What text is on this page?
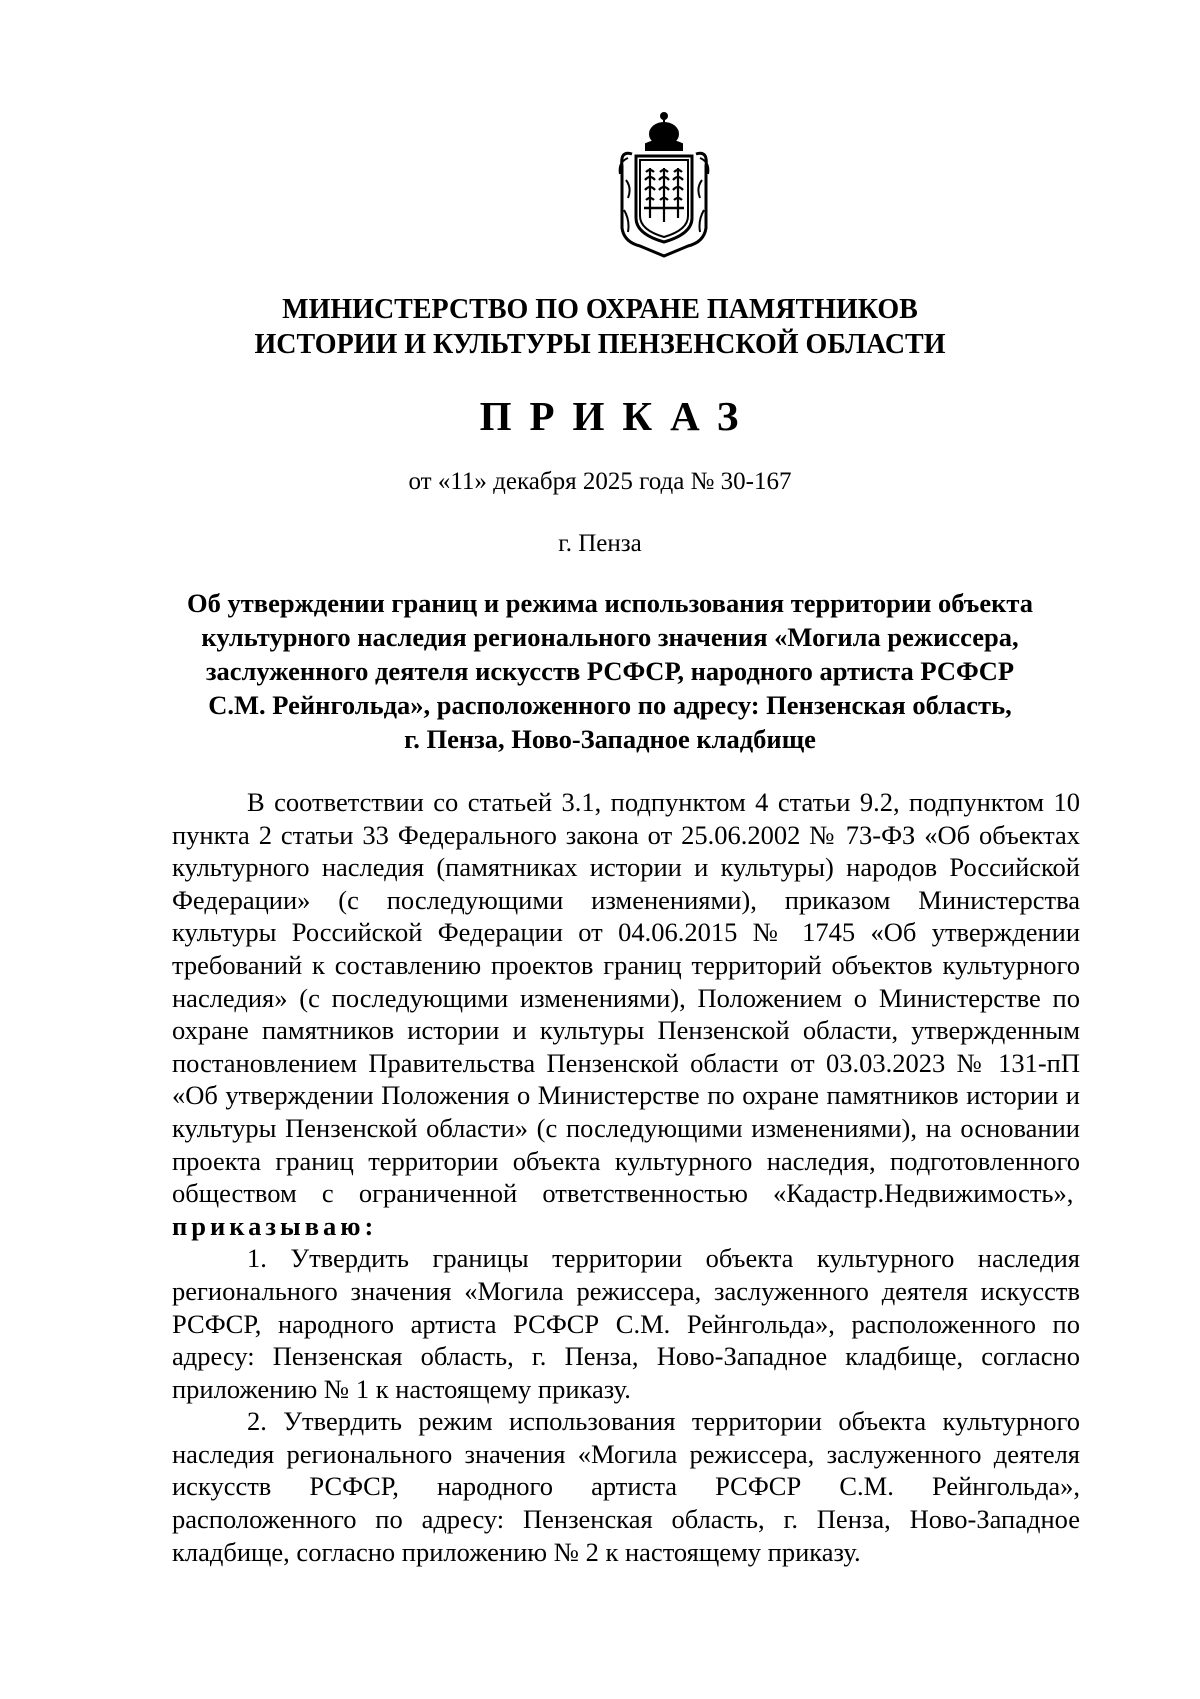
МИНИСТЕРСТВО ПО ОХРАНЕ ПАМЯТНИКОВ
ИСТОРИИ И КУЛЬТУРЫ ПЕНЗЕНСКОЙ ОБЛАСТИ
ПРИКАЗ
от «11» декабря 2025 года № 30-167
г. Пенза
Об утверждении границ и режима использования территории объекта
культурного наследия регионального значения «Могила режиссера,
заслуженного деятеля искусств РСФСР, народного артиста РСФСР
С.М. Рейнгольда», расположенного по адресу: Пензенская область,
г. Пенза, Ново-Западное кладбище

В соответствии со статьей 3.1, подпунктом 4 статьи 9.2, подпунктом 10 пункта 2 статьи 33 Федерального закона от 25.06.2002 № 73-ФЗ «Об объектах культурного наследия (памятниках истории и культуры) народов Российской Федерации» (с последующими изменениями), приказом Министерства культуры Российской Федерации от 04.06.2015 № 1745 «Об утверждении требований к составлению проектов границ территорий объектов культурного наследия» (с последующими изменениями), Положением о Министерстве по охране памятников истории и культуры Пензенской области, утвержденным постановлением Правительства Пензенской области от 03.03.2023 № 131-пП «Об утверждении Положения о Министерстве по охране памятников истории и культуры Пензенской области» (с последующими изменениями), на основании проекта границ территории объекта культурного наследия, подготовленного обществом с ограниченной ответственностью «Кадастр.Недвижимость»,  приказываю:

1. Утвердить границы территории объекта культурного наследия регионального значения «Могила режиссера, заслуженного деятеля искусств РСФСР, народного артиста РСФСР С.М. Рейнгольда», расположенного по адресу: Пензенская область, г. Пенза, Ново-Западное кладбище, согласно приложению № 1 к настоящему приказу.

2. Утвердить режим использования территории объекта культурного наследия регионального значения «Могила режиссера, заслуженного деятеля искусств РСФСР, народного артиста РСФСР С.М. Рейнгольда», расположенного по адресу: Пензенская область, г. Пенза, Ново-Западное кладбище, согласно приложению № 2 к настоящему приказу.
